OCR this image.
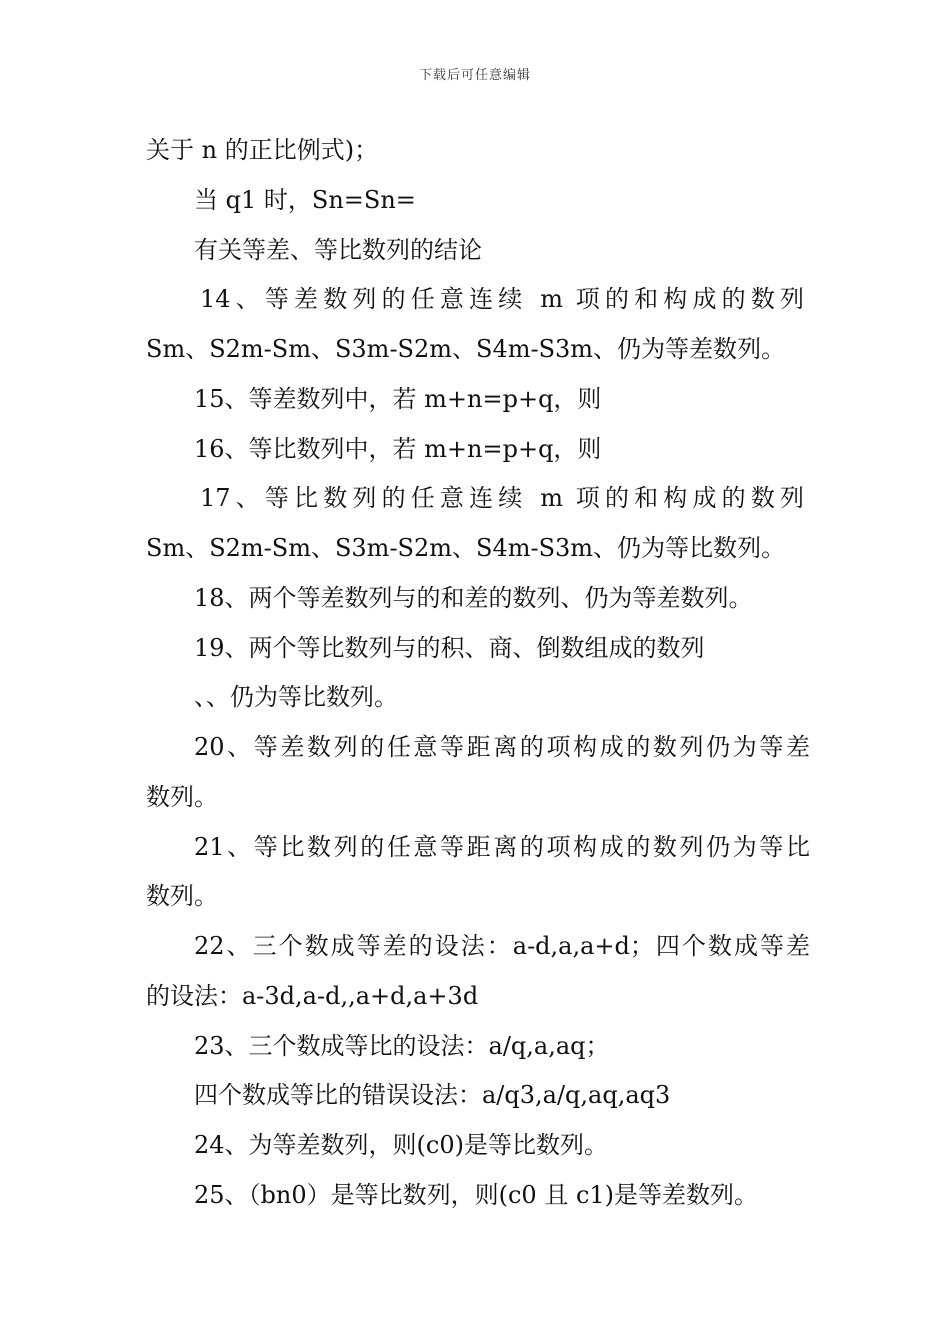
下载后可任意编辑
关于 n 的正比例式)；
当 q1 时，Sn=Sn=
有关等差、等比数列的结论
14、等差数列的任意连续 m 项的和构成的数列
Sm、S2m-Sm、S3m-S2m、S4m-S3m、仍为等差数列。
15、等差数列中，若 m+n=p+q，则
16、等比数列中，若 m+n=p+q，则
17、等比数列的任意连续 m 项的和构成的数列
Sm、S2m-Sm、S3m-S2m、S4m-S3m、仍为等比数列。
18、两个等差数列与的和差的数列、仍为等差数列。
19、两个等比数列与的积、商、倒数组成的数列
、、仍为等比数列。
20、等差数列的任意等距离的项构成的数列仍为等差
数列。
21、等比数列的任意等距离的项构成的数列仍为等比
数列。
22、三个数成等差的设法：a-d,a,a+d；四个数成等差
的设法：a-3d,a-d,,a+d,a+3d
23、三个数成等比的设法：a/q,a,aq；
四个数成等比的错误设法：a/q3,a/q,aq,aq3
24、为等差数列，则(c0)是等比数列。
25、（bn0）是等比数列，则(c0 且 c1)是等差数列。
